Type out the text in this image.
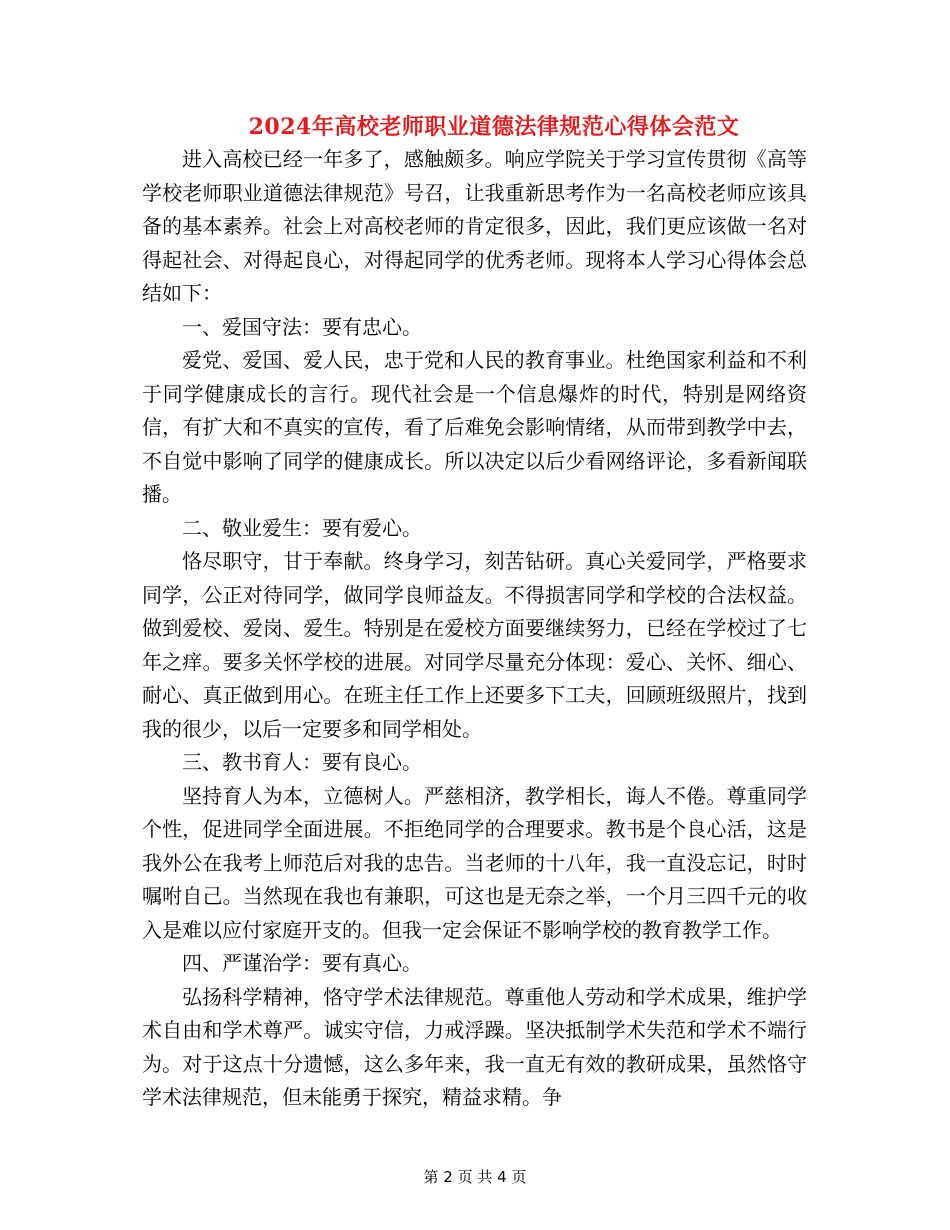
2024年高校老师职业道德法律规范心得体会范文

进入高校已经一年多了，感触颇多。响应学院关于学习宣传贯彻《高等学校老师职业道德法律规范》号召，让我重新思考作为一名高校老师应该具备的基本素养。社会上对高校老师的肯定很多，因此，我们更应该做一名对得起社会、对得起良心，对得起同学的优秀老师。现将本人学习心得体会总结如下：

一、爱国守法：要有忠心。

爱党、爱国、爱人民，忠于党和人民的教育事业。杜绝国家利益和不利于同学健康成长的言行。现代社会是一个信息爆炸的时代，特别是网络资信，有扩大和不真实的宣传，看了后难免会影响情绪，从而带到教学中去，不自觉中影响了同学的健康成长。所以决定以后少看网络评论，多看新闻联播。

二、敬业爱生：要有爱心。

恪尽职守，甘于奉献。终身学习，刻苦钻研。真心关爱同学，严格要求同学，公正对待同学，做同学良师益友。不得损害同学和学校的合法权益。做到爱校、爱岗、爱生。特别是在爱校方面要继续努力，已经在学校过了七年之痒。要多关怀学校的进展。对同学尽量充分体现：爱心、关怀、细心、耐心、真正做到用心。在班主任工作上还要多下工夫，回顾班级照片，找到我的很少，以后一定要多和同学相处。

三、教书育人：要有良心。

坚持育人为本，立德树人。严慈相济，教学相长，诲人不倦。尊重同学个性，促进同学全面进展。不拒绝同学的合理要求。教书是个良心活，这是我外公在我考上师范后对我的忠告。当老师的十八年，我一直没忘记，时时嘱咐自己。当然现在我也有兼职，可这也是无奈之举，一个月三四千元的收入是难以应付家庭开支的。但我一定会保证不影响学校的教育教学工作。

四、严谨治学：要有真心。

弘扬科学精神，恪守学术法律规范。尊重他人劳动和学术成果，维护学术自由和学术尊严。诚实守信，力戒浮躁。坚决抵制学术失范和学术不端行为。对于这点十分遗憾，这么多年来，我一直无有效的教研成果，虽然恪守学术法律规范，但未能勇于探究，精益求精。争

第 2 页 共 4 页
